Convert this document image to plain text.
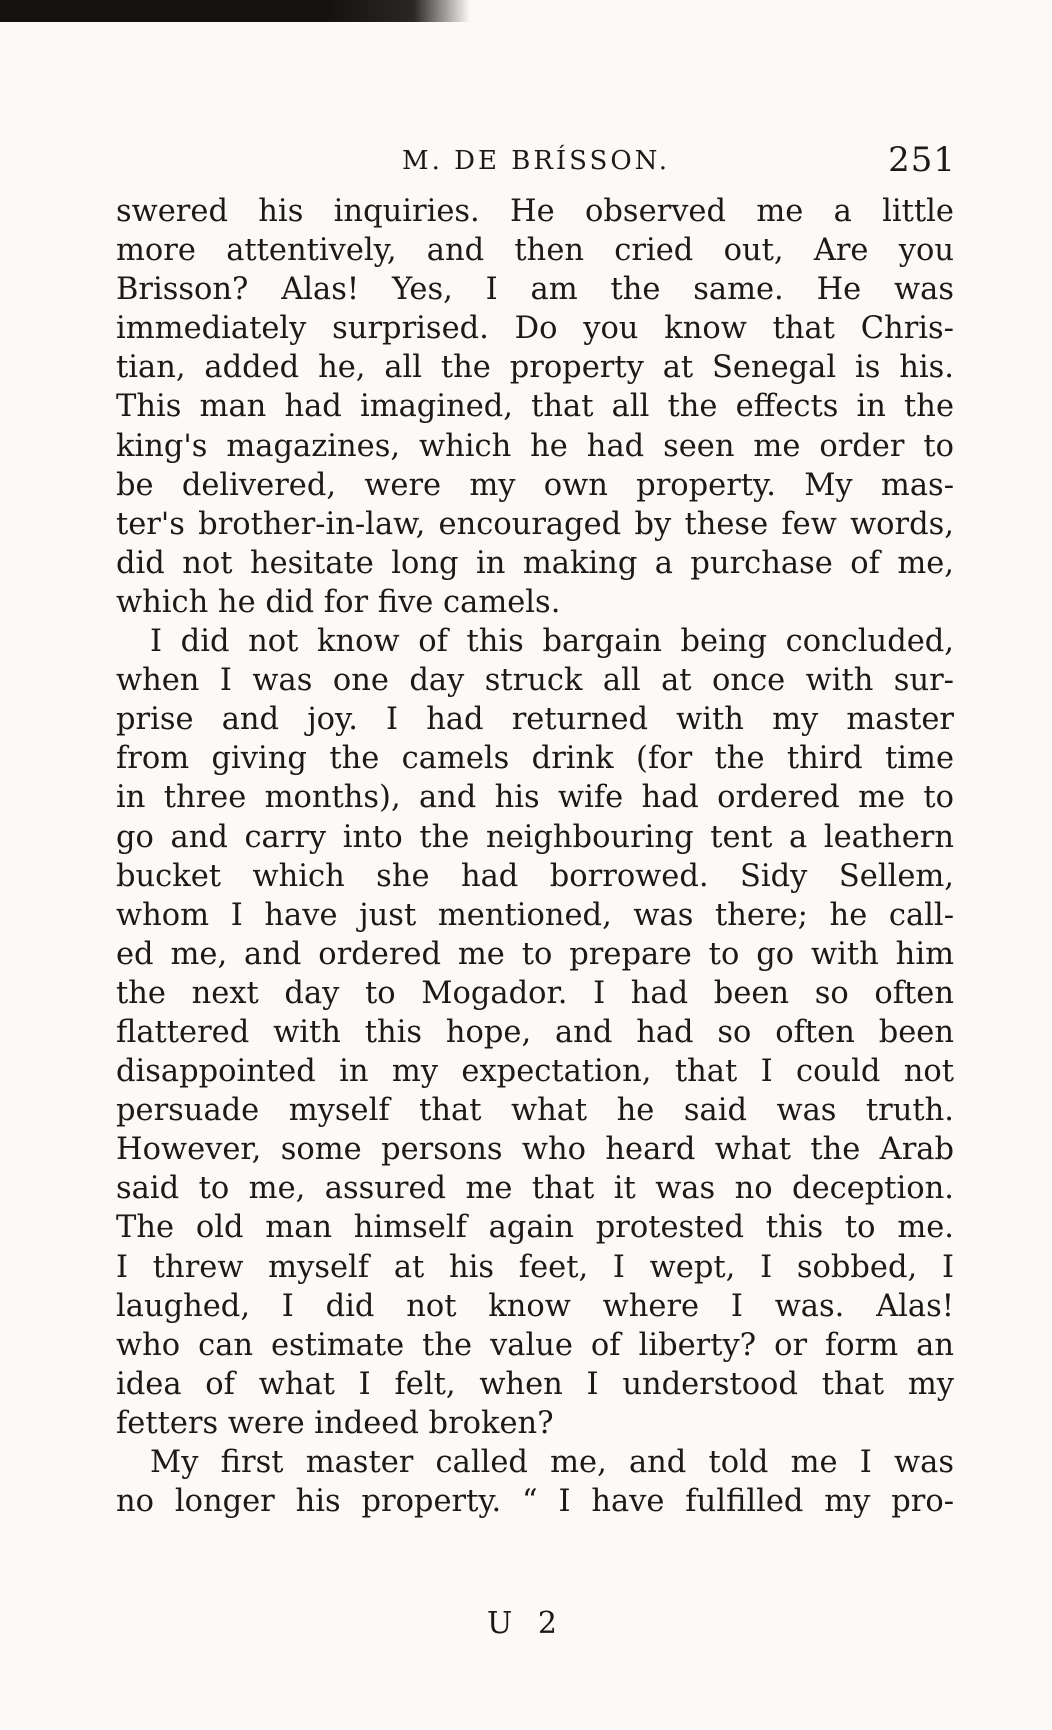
M. DE BRÍSSON.	251
swered his inquiries. He observed me a little
more attentively, and then cried out, Are you
Brisson? Alas! Yes, I am the same. He was
immediately surprised. Do you know that Chris-
tian, added he, all the property at Senegal is his.
This man had imagined, that all the effects in the
king's magazines, which he had seen me order to
be delivered, were my own property. My mas-
ter's brother-in-law, encouraged by these few words,
did not hesitate long in making a purchase of me,
which he did for five camels.
I did not know of this bargain being concluded,
when I was one day struck all at once with sur-
prise and joy. I had returned with my master
from giving the camels drink (for the third time
in three months), and his wife had ordered me to
go and carry into the neighbouring tent a leathern
bucket which she had borrowed. Sidy Sellem,
whom I have just mentioned, was there; he call-
ed me, and ordered me to prepare to go with him
the next day to Mogador. I had been so often
flattered with this hope, and had so often been
disappointed in my expectation, that I could not
persuade myself that what he said was truth.
However, some persons who heard what the Arab
said to me, assured me that it was no deception.
The old man himself again protested this to me.
I threw myself at his feet, I wept, I sobbed, I
laughed, I did not know where I was. Alas!
who can estimate the value of liberty? or form an
idea of what I felt, when I understood that my
fetters were indeed broken?
My first master called me, and told me I was
no longer his property. “ I have fulfilled my pro-
U 2
